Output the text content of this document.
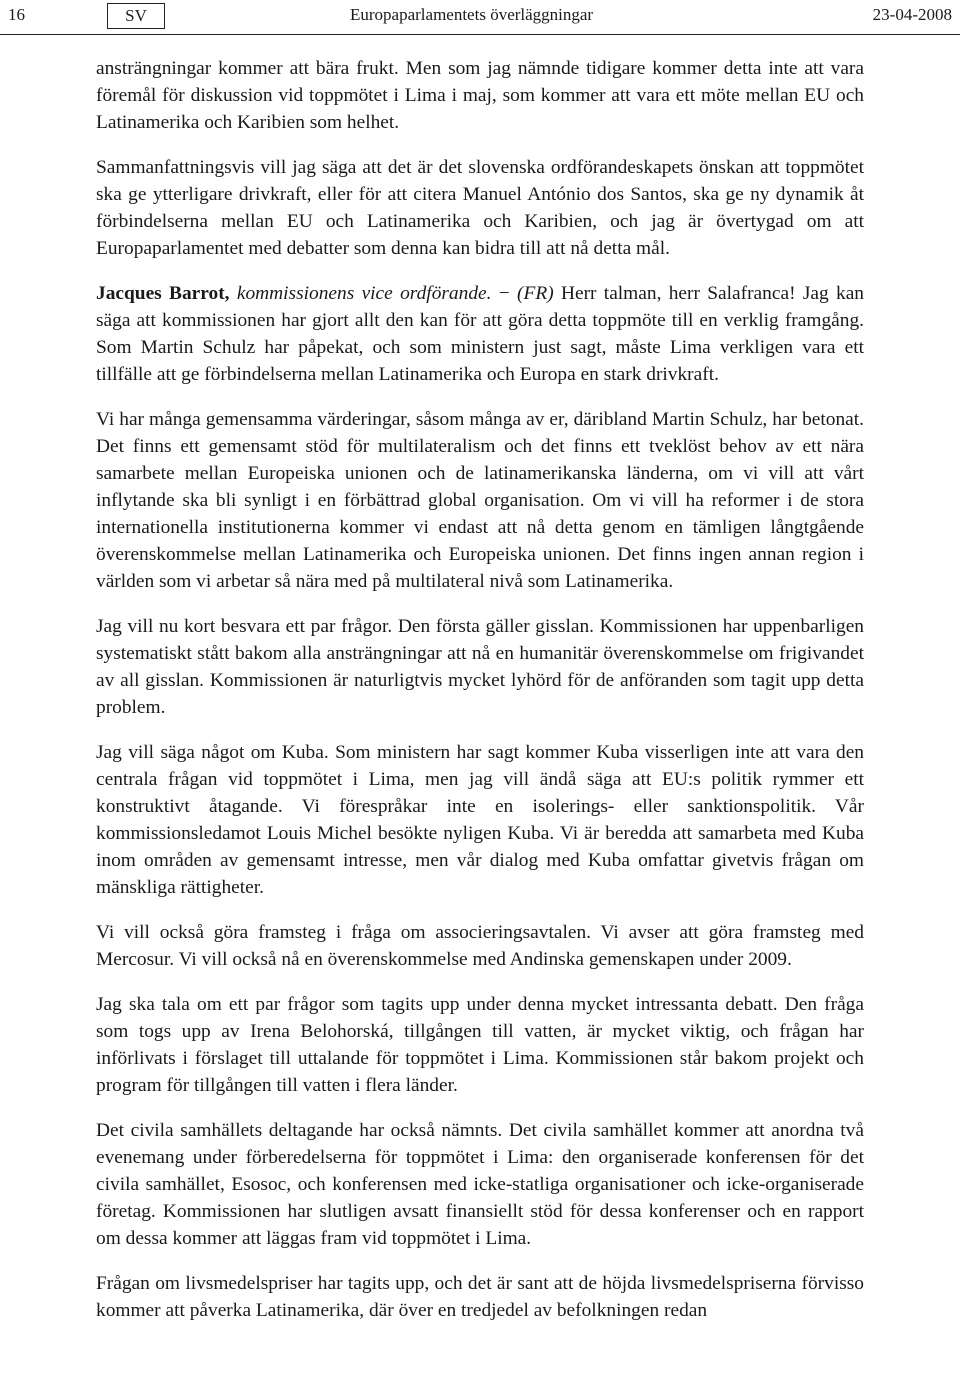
16	SV	Europaparlamentets överläggningar	23-04-2008

ansträngningar kommer att bära frukt. Men som jag nämnde tidigare kommer detta inte att vara föremål för diskussion vid toppmötet i Lima i maj, som kommer att vara ett möte mellan EU och Latinamerika och Karibien som helhet.

Sammanfattningsvis vill jag säga att det är det slovenska ordförandeskapets önskan att toppmötet ska ge ytterligare drivkraft, eller för att citera Manuel António dos Santos, ska ge ny dynamik åt förbindelserna mellan EU och Latinamerika och Karibien, och jag är övertygad om att Europaparlamentet med debatter som denna kan bidra till att nå detta mål.

Jacques Barrot, kommissionens vice ordförande. − (FR) Herr talman, herr Salafranca! Jag kan säga att kommissionen har gjort allt den kan för att göra detta toppmöte till en verklig framgång. Som Martin Schulz har påpekat, och som ministern just sagt, måste Lima verkligen vara ett tillfälle att ge förbindelserna mellan Latinamerika och Europa en stark drivkraft.

Vi har många gemensamma värderingar, såsom många av er, däribland Martin Schulz, har betonat. Det finns ett gemensamt stöd för multilateralism och det finns ett tveklöst behov av ett nära samarbete mellan Europeiska unionen och de latinamerikanska länderna, om vi vill att vårt inflytande ska bli synligt i en förbättrad global organisation. Om vi vill ha reformer i de stora internationella institutionerna kommer vi endast att nå detta genom en tämligen långtgående överenskommelse mellan Latinamerika och Europeiska unionen. Det finns ingen annan region i världen som vi arbetar så nära med på multilateral nivå som Latinamerika.

Jag vill nu kort besvara ett par frågor. Den första gäller gisslan. Kommissionen har uppenbarligen systematiskt stått bakom alla ansträngningar att nå en humanitär överenskommelse om frigivandet av all gisslan. Kommissionen är naturligtvis mycket lyhörd för de anföranden som tagit upp detta problem.

Jag vill säga något om Kuba. Som ministern har sagt kommer Kuba visserligen inte att vara den centrala frågan vid toppmötet i Lima, men jag vill ändå säga att EU:s politik rymmer ett konstruktivt åtagande. Vi förespråkar inte en isolerings- eller sanktionspolitik. Vår kommissionsledamot Louis Michel besökte nyligen Kuba. Vi är beredda att samarbeta med Kuba inom områden av gemensamt intresse, men vår dialog med Kuba omfattar givetvis frågan om mänskliga rättigheter.

Vi vill också göra framsteg i fråga om associeringsavtalen. Vi avser att göra framsteg med Mercosur. Vi vill också nå en överenskommelse med Andinska gemenskapen under 2009.

Jag ska tala om ett par frågor som tagits upp under denna mycket intressanta debatt. Den fråga som togs upp av Irena Belohorská, tillgången till vatten, är mycket viktig, och frågan har införlivats i förslaget till uttalande för toppmötet i Lima. Kommissionen står bakom projekt och program för tillgången till vatten i flera länder.

Det civila samhällets deltagande har också nämnts. Det civila samhället kommer att anordna två evenemang under förberedelserna för toppmötet i Lima: den organiserade konferensen för det civila samhället, Esosoc, och konferensen med icke-statliga organisationer och icke-organiserade företag. Kommissionen har slutligen avsatt finansiellt stöd för dessa konferenser och en rapport om dessa kommer att läggas fram vid toppmötet i Lima.

Frågan om livsmedelspriser har tagits upp, och det är sant att de höjda livsmedelspriserna förvisso kommer att påverka Latinamerika, där över en tredjedel av befolkningen redan
